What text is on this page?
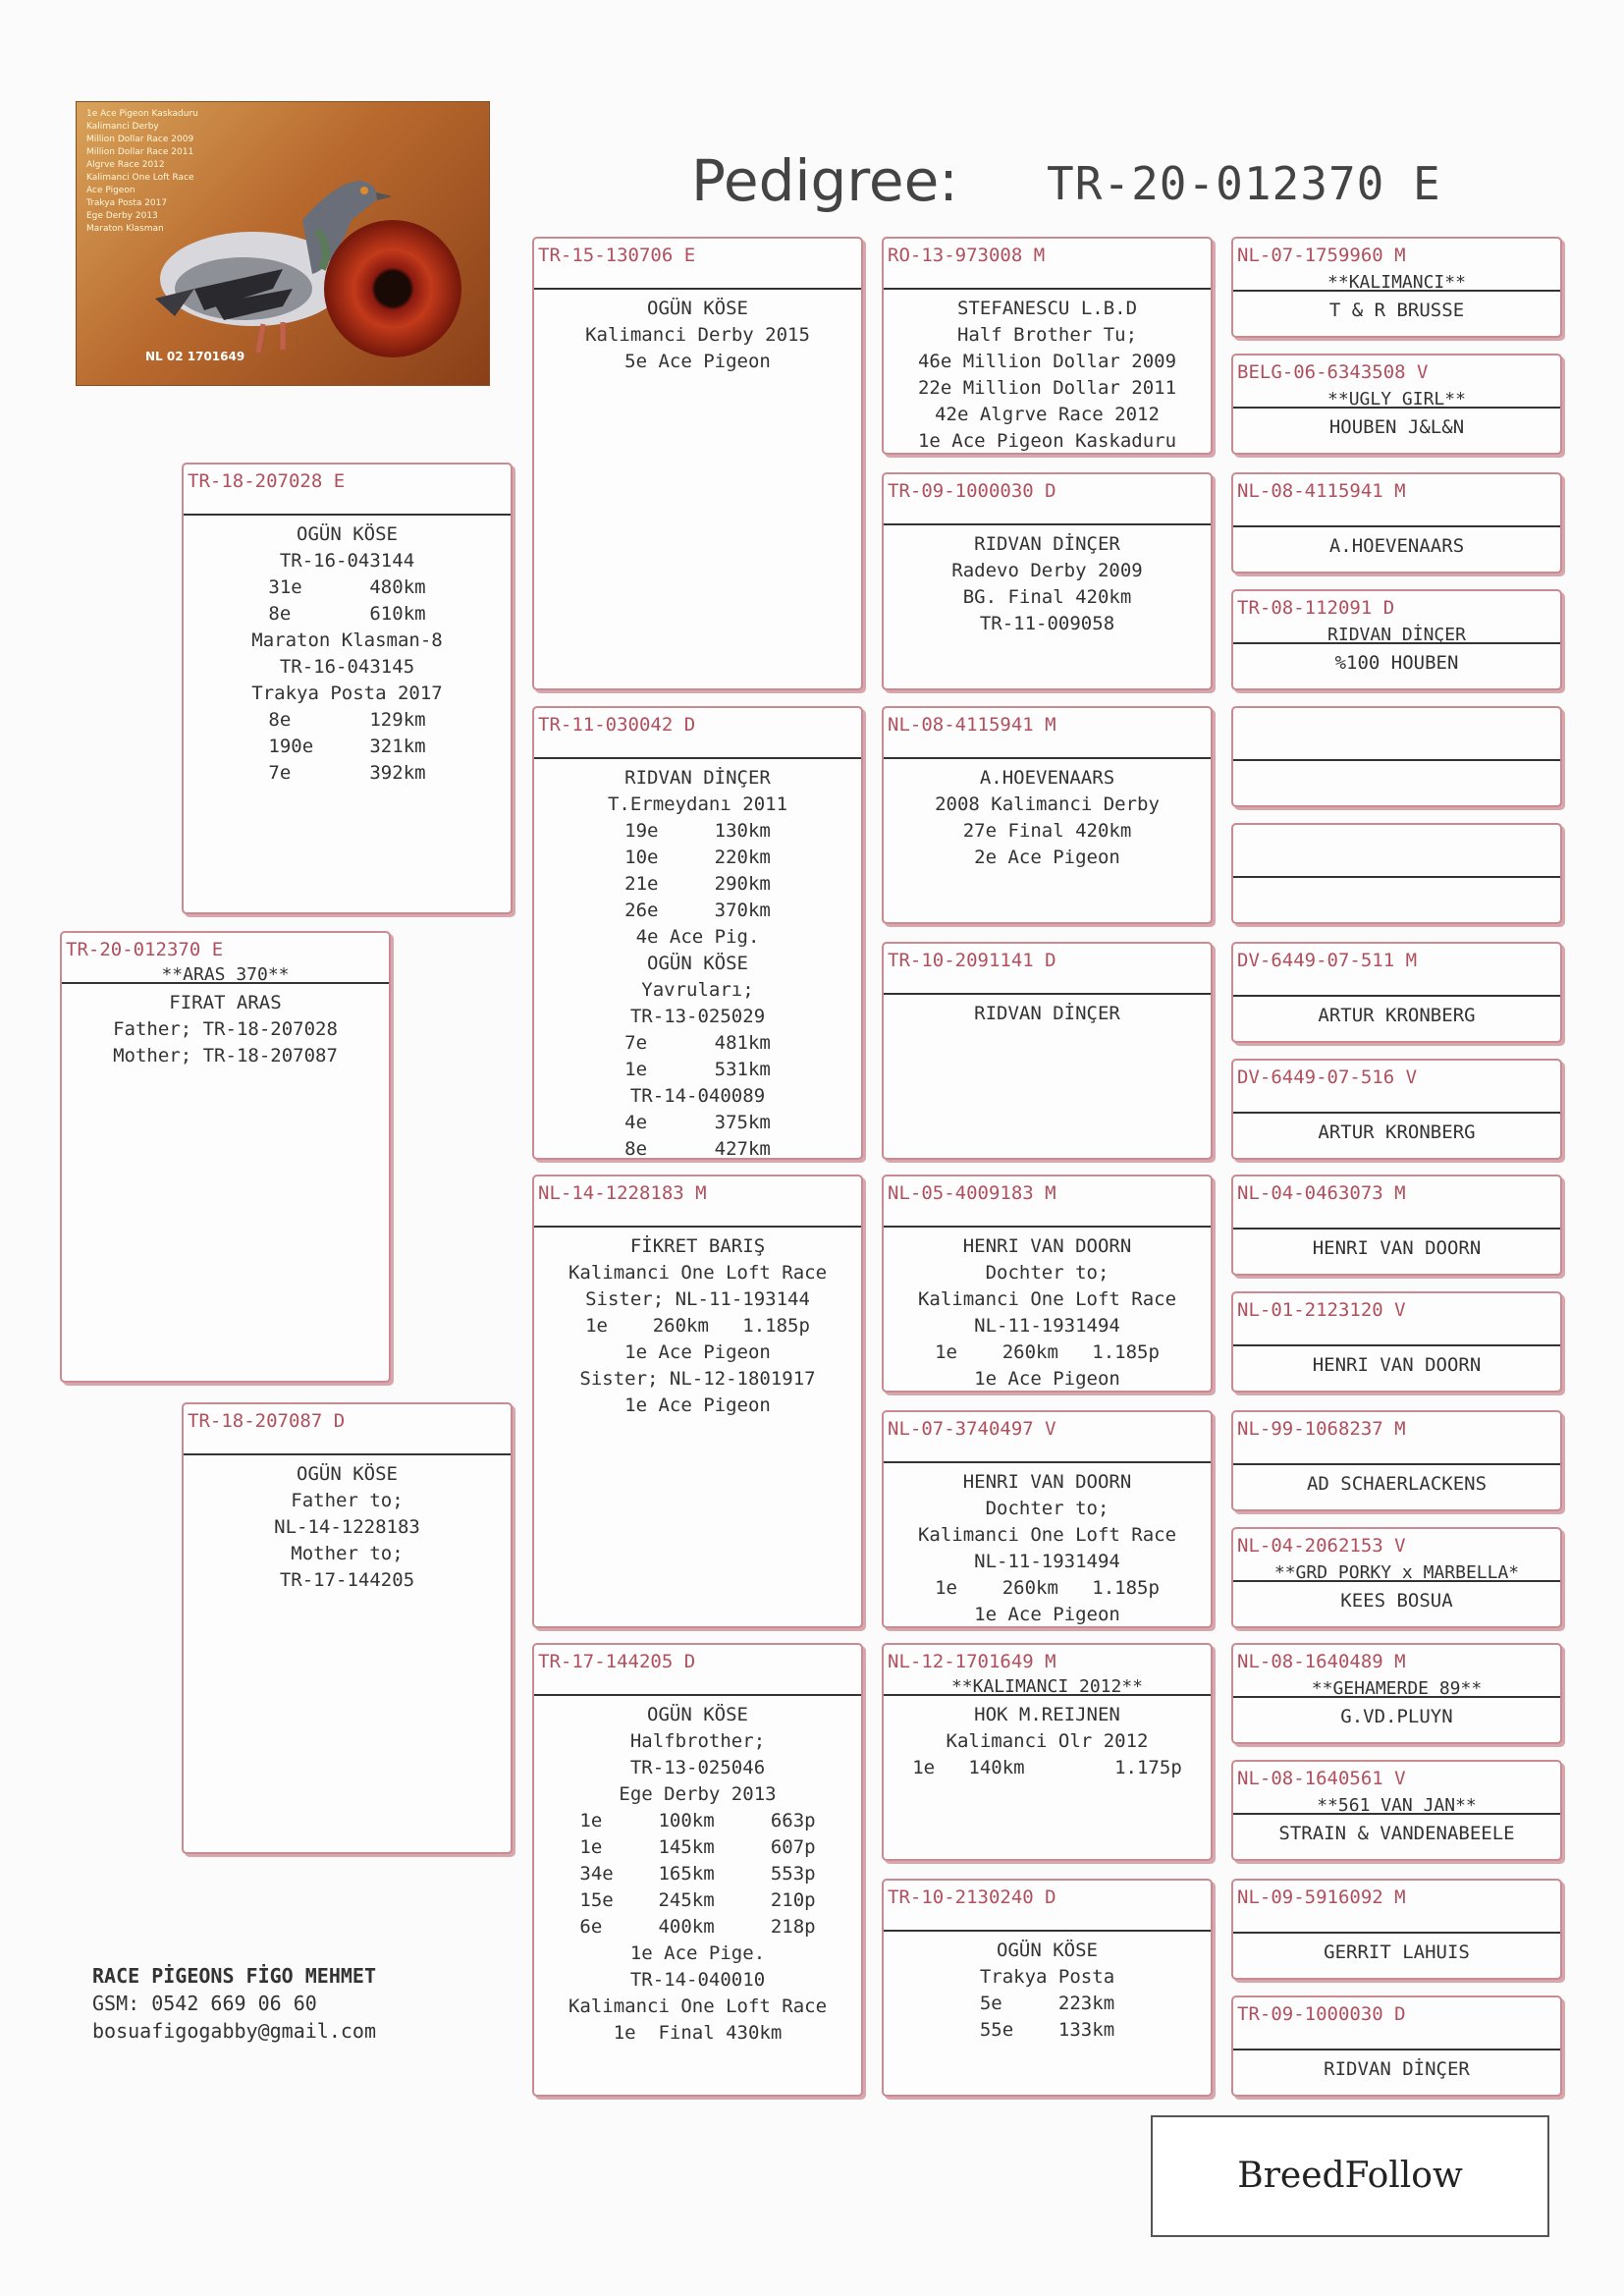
Pedigree: TR-20-012370 E
1e Ace Pigeon Kaskaduru
Kalimanci Derby
Million Dollar Race 2009
Million Dollar Race 2011
Algrve Race 2012
Kalimanci One Loft Race
Ace Pigeon
Trakya Posta 2017
Ege Derby 2013
Maraton Klasman
NL 02 1701649
TR-20-012370 E
**ARAS 370**
FIRAT ARAS
Father; TR-18-207028
Mother; TR-18-207087
TR-18-207028 E
OGÜN KÖSE
TR-16-043144
31e      480km
8e       610km
Maraton Klasman-8
TR-16-043145
Trakya Posta 2017
8e       129km
190e     321km
7e       392km
TR-18-207087 D
OGÜN KÖSE
Father to;
NL-14-1228183
Mother to;
TR-17-144205
TR-15-130706 E
OGÜN KÖSE
Kalimanci Derby 2015
5e Ace Pigeon
TR-11-030042 D
RIDVAN DİNÇER
T.Ermeydanı 2011
19e     130km
10e     220km
21e     290km
26e     370km
4e Ace Pig.
OGÜN KÖSE
Yavruları;
TR-13-025029
7e      481km
1e      531km
TR-14-040089
4e      375km
8e      427km
NL-14-1228183 M
FİKRET BARIŞ
Kalimanci One Loft Race
Sister; NL-11-193144
1e    260km   1.185p
1e Ace Pigeon
Sister; NL-12-1801917
1e Ace Pigeon
TR-17-144205 D
OGÜN KÖSE
Halfbrother;
TR-13-025046
Ege Derby 2013
1e     100km     663p
1e     145km     607p
34e    165km     553p
15e    245km     210p
6e     400km     218p
1e Ace Pige.
TR-14-040010
Kalimanci One Loft Race
1e  Final 430km
RO-13-973008 M
STEFANESCU L.B.D
Half Brother Tu;
46e Million Dollar 2009
22e Million Dollar 2011
42e Algrve Race 2012
1e Ace Pigeon Kaskaduru
TR-09-1000030 D
RIDVAN DİNÇER
Radevo Derby 2009
BG. Final 420km
TR-11-009058
NL-08-4115941 M
A.HOEVENAARS
2008 Kalimanci Derby
27e Final 420km
2e Ace Pigeon
TR-10-2091141 D
RIDVAN DİNÇER
NL-05-4009183 M
HENRI VAN DOORN
Dochter to;
Kalimanci One Loft Race
NL-11-1931494
1e    260km   1.185p
1e Ace Pigeon
NL-07-3740497 V
HENRI VAN DOORN
Dochter to;
Kalimanci One Loft Race
NL-11-1931494
1e    260km   1.185p
1e Ace Pigeon
NL-12-1701649 M
**KALIMANCI 2012**
HOK M.REIJNEN
Kalimanci Olr 2012
1e   140km        1.175p
TR-10-2130240 D
OGÜN KÖSE
Trakya Posta
5e     223km
55e    133km
NL-07-1759960 M
**KALIMANCI**
T & R BRUSSE
BELG-06-6343508 V
**UGLY GIRL**
HOUBEN J&L&N
NL-08-4115941 M
A.HOEVENAARS
TR-08-112091 D
RIDVAN DİNÇER
%100 HOUBEN
DV-6449-07-511 M
ARTUR KRONBERG
DV-6449-07-516 V
ARTUR KRONBERG
NL-04-0463073 M
HENRI VAN DOORN
NL-01-2123120 V
HENRI VAN DOORN
NL-99-1068237 M
AD SCHAERLACKENS
NL-04-2062153 V
**GRD PORKY x MARBELLA*
KEES BOSUA
NL-08-1640489 M
**GEHAMERDE 89**
G.VD.PLUYN
NL-08-1640561 V
**561 VAN JAN**
STRAIN & VANDENABEELE
NL-09-5916092 M
GERRIT LAHUIS
TR-09-1000030 D
RIDVAN DİNÇER
RACE PİGEONS FİGO MEHMET
GSM: 0542 669 06 60
bosuafigogabby@gmail.com
BreedFollow
